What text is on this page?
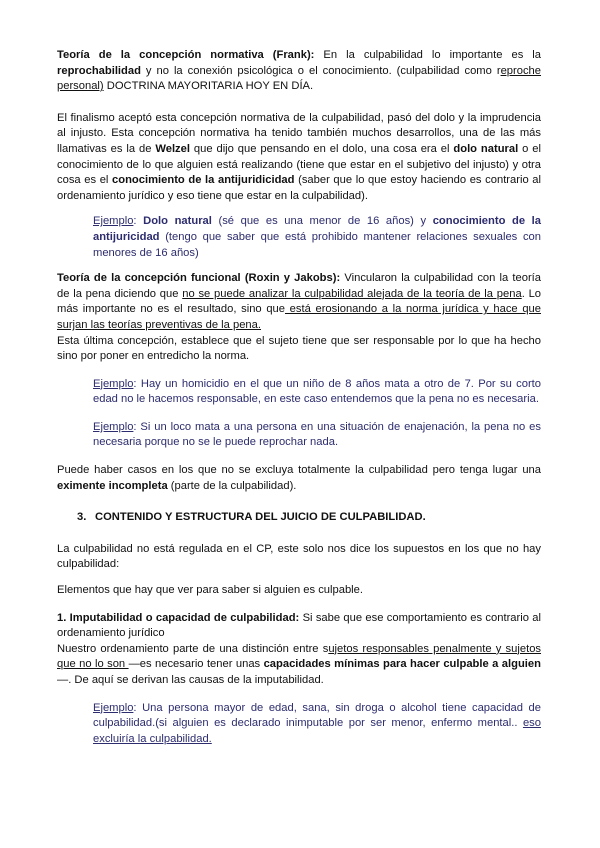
Teoría de la concepción normativa (Frank): En la culpabilidad lo importante es la reprochabilidad y no la conexión psicológica o el conocimiento. (culpabilidad como reproche personal) DOCTRINA MAYORITARIA HOY EN DÍA.

El finalismo aceptó esta concepción normativa de la culpabilidad, pasó del dolo y la imprudencia al injusto. Esta concepción normativa ha tenido también muchos desarrollos, una de las más llamativas es la de Welzel que dijo que pensando en el dolo, una cosa era el dolo natural o el conocimiento de lo que alguien está realizando (tiene que estar en el subjetivo del injusto) y otra cosa es el conocimiento de la antijuridicidad (saber que lo que estoy haciendo es contrario al ordenamiento jurídico y eso tiene que estar en la culpabilidad).

Ejemplo: Dolo natural (sé que es una menor de 16 años) y conocimiento de la antijuricidad (tengo que saber que está prohibido mantener relaciones sexuales con menores de 16 años)

Teoría de la concepción funcional (Roxin y Jakobs): Vincularon la culpabilidad con la teoría de la pena diciendo que no se puede analizar la culpabilidad alejada de la teoría de la pena. Lo más importante no es el resultado, sino que está erosionando a la norma jurídica y hace que surjan las teorías preventivas de la pena.

Esta última concepción, establece que el sujeto tiene que ser responsable por lo que ha hecho sino por poner en entredicho la norma.

Ejemplo: Hay un homicidio en el que un niño de 8 años mata a otro de 7. Por su corto edad no le hacemos responsable, en este caso entendemos que la pena no es necesaria.

Ejemplo: Si un loco mata a una persona en una situación de enajenación, la pena no es necesaria porque no se le puede reprochar nada.

Puede haber casos en los que no se excluya totalmente la culpabilidad pero tenga lugar una eximente incompleta (parte de la culpabilidad).

3. CONTENIDO Y ESTRUCTURA DEL JUICIO DE CULPABILIDAD.

La culpabilidad no está regulada en el CP, este solo nos dice los supuestos en los que no hay culpabilidad:

Elementos que hay que ver para saber si alguien es culpable.

1. Imputabilidad o capacidad de culpabilidad: Si sabe que ese comportamiento es contrario al ordenamiento jurídico

Nuestro ordenamiento parte de una distinción entre sujetos responsables penalmente y sujetos que no lo son —es necesario tener unas capacidades mínimas para hacer culpable a alguien—. De aquí se derivan las causas de la imputabilidad.

Ejemplo: Una persona mayor de edad, sana, sin droga o alcohol tiene capacidad de culpabilidad.(si alguien es declarado inimputable por ser menor, enfermo mental.. eso excluiría la culpabilidad.
